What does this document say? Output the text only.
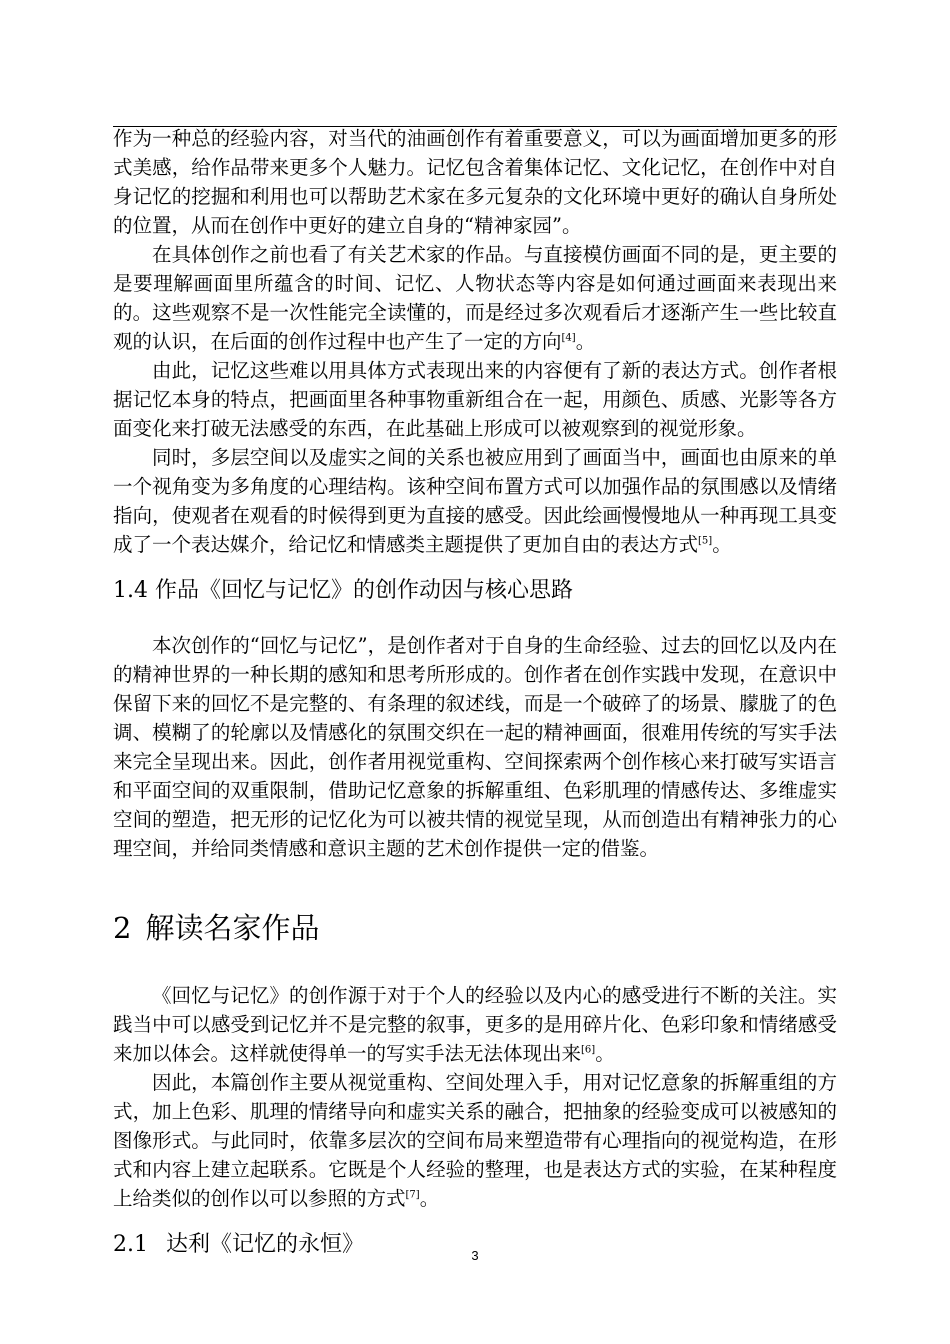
作为一种总的经验内容，对当代的油画创作有着重要意义，可以为画面增加更多的形式美感，给作品带来更多个人魅力。记忆包含着集体记忆、文化记忆，在创作中对自身记忆的挖掘和利用也可以帮助艺术家在多元复杂的文化环境中更好的确认自身所处的位置，从而在创作中更好的建立自身的“精神家园”。

在具体创作之前也看了有关艺术家的作品。与直接模仿画面不同的是，更主要的是要理解画面里所蕴含的时间、记忆、人物状态等内容是如何通过画面来表现出来的。这些观察不是一次性能完全读懂的，而是经过多次观看后才逐渐产生一些比较直观的认识，在后面的创作过程中也产生了一定的方向[4]。

由此，记忆这些难以用具体方式表现出来的内容便有了新的表达方式。创作者根据记忆本身的特点，把画面里各种事物重新组合在一起，用颜色、质感、光影等各方面变化来打破无法感受的东西，在此基础上形成可以被观察到的视觉形象。

同时，多层空间以及虚实之间的关系也被应用到了画面当中，画面也由原来的单一个视角变为多角度的心理结构。该种空间布置方式可以加强作品的氛围感以及情绪指向，使观者在观看的时候得到更为直接的感受。因此绘画慢慢地从一种再现工具变成了一个表达媒介，给记忆和情感类主题提供了更加自由的表达方式[5]。

1.4 作品《回忆与记忆》的创作动因与核心思路

本次创作的“回忆与记忆”，是创作者对于自身的生命经验、过去的回忆以及内在的精神世界的一种长期的感知和思考所形成的。创作者在创作实践中发现，在意识中保留下来的回忆不是完整的、有条理的叙述线，而是一个破碎了的场景、朦胧了的色调、模糊了的轮廓以及情感化的氛围交织在一起的精神画面，很难用传统的写实手法来完全呈现出来。因此，创作者用视觉重构、空间探索两个创作核心来打破写实语言和平面空间的双重限制，借助记忆意象的拆解重组、色彩肌理的情感传达、多维虚实空间的塑造，把无形的记忆化为可以被共情的视觉呈现，从而创造出有精神张力的心理空间，并给同类情感和意识主题的艺术创作提供一定的借鉴。

2 解读名家作品

《回忆与记忆》的创作源于对于个人的经验以及内心的感受进行不断的关注。实践当中可以感受到记忆并不是完整的叙事，更多的是用碎片化、色彩印象和情绪感受来加以体会。这样就使得单一的写实手法无法体现出来[6]。

因此，本篇创作主要从视觉重构、空间处理入手，用对记忆意象的拆解重组的方式，加上色彩、肌理的情绪导向和虚实关系的融合，把抽象的经验变成可以被感知的图像形式。与此同时，依靠多层次的空间布局来塑造带有心理指向的视觉构造，在形式和内容上建立起联系。它既是个人经验的整理，也是表达方式的实验，在某种程度上给类似的创作以可以参照的方式[7]。

2.1 达利《记忆的永恒》	3
